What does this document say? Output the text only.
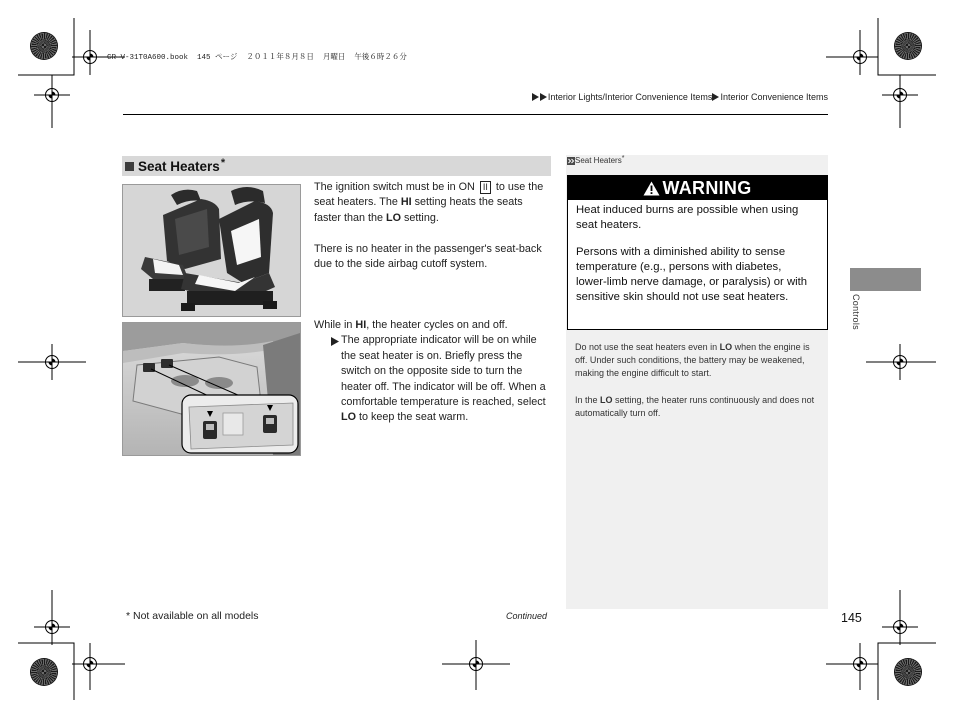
CR-V-31T0A600.book  145 ページ  ２０１１年８月８日  月曜日  午後６時２６分
Interior Lights/Interior Convenience Items Interior Convenience Items
Seat Heaters *

The ignition switch must be in ON II to use the seat heaters. The HI setting heats the seats faster than the LO setting.

There is no heater in the passenger's seat-back due to the side airbag cutoff system.

While in HI, the heater cycles on and off.

The appropriate indicator will be on while the seat heater is on. Briefly press the switch on the opposite side to turn the heater off. The indicator will be off. When a comfortable temperature is reached, select LO to keep the seat warm.
Seat Heaters *
WARNING

Heat induced burns are possible when using seat heaters.

Persons with a diminished ability to sense temperature (e.g., persons with diabetes, lower-limb nerve damage, or paralysis) or with sensitive skin should not use seat heaters.

Do not use the seat heaters even in LO when the engine is off. Under such conditions, the battery may be weakened, making the engine difficult to start.

In the LO setting, the heater runs continuously and does not automatically turn off.

Controls
* Not available on all models	Continued	145
